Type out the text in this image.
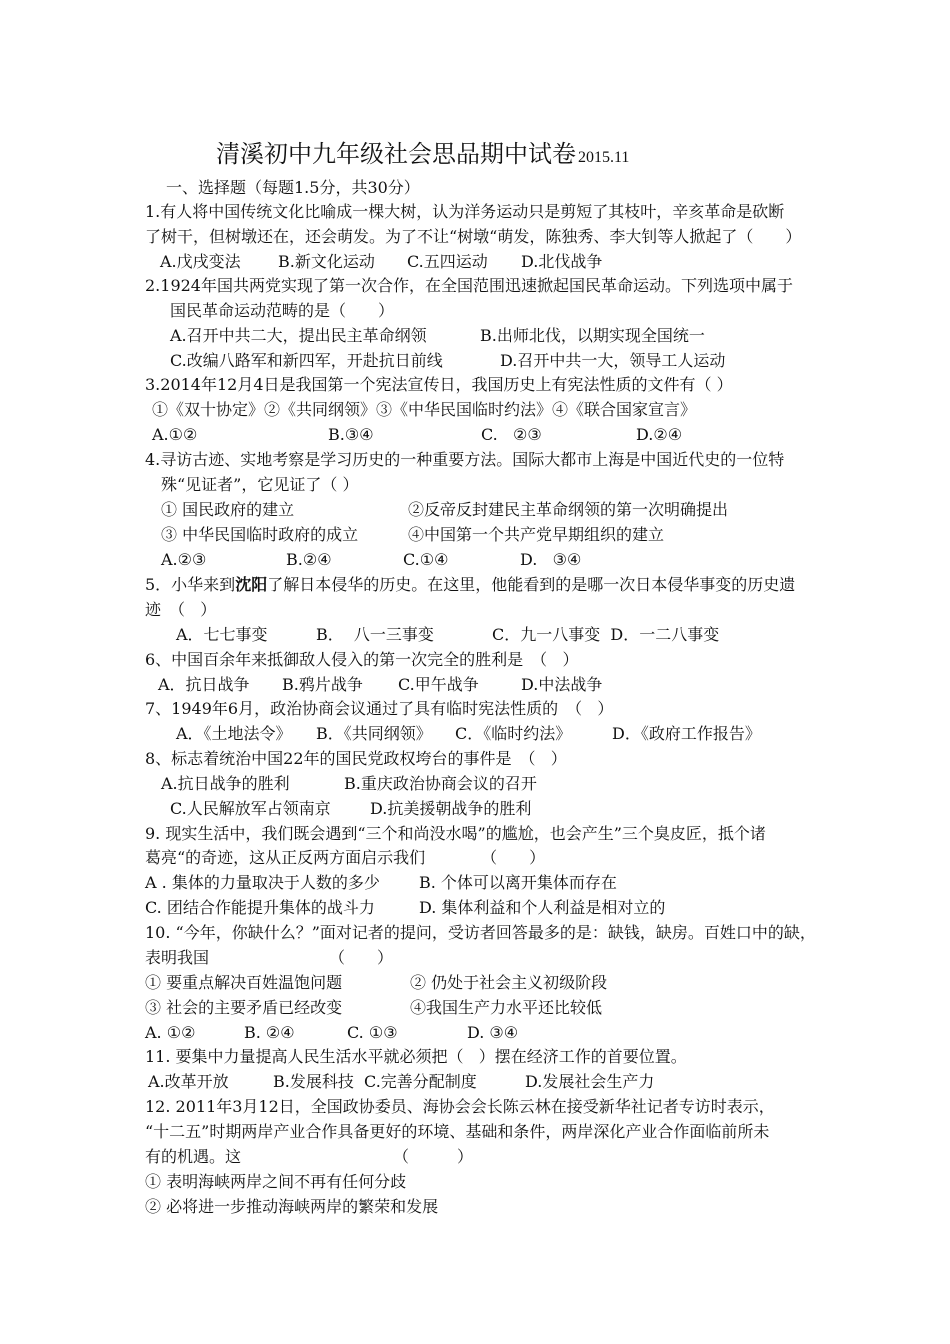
清溪初中九年级社会思品期中试卷 2015.11
一、选择题（每题1.5分，共30分）
1.有人将中国传统文化比喻成一棵大树，认为洋务运动只是剪短了其枝叶，辛亥革命是砍断
了树干，但树墩还在，还会萌发。为了不让“树墩“萌发，陈独秀、李大钊等人掀起了（　　）
A.戊戌变法 B.新文化运动 C.五四运动 D.北伐战争
2.1924年国共两党实现了第一次合作，在全国范围迅速掀起国民革命运动。下列选项中属于
国民革命运动范畴的是（　　）
A.召开中共二大，提出民主革命纲领	B.出师北伐，以期实现全国统一
C.改编八路军和新四军，开赴抗日前线	D.召开中共一大，领导工人运动
3.2014年12月4日是我国第一个宪法宣传日，我国历史上有宪法性质的文件有（ ）
①《双十协定》②《共同纲领》③《中华民国临时约法》④《联合国家宣言》
A.①②	B.③④	C.   ②③	D.②④
4.寻访古迹、实地考察是学习历史的一种重要方法。国际大都市上海是中国近代史的一位特
殊“见证者”，它见证了（ ）
① 国民政府的建立	②反帝反封建民主革命纲领的第一次明确提出
③ 中华民国临时政府的成立	④中国第一个共产党早期组织的建立
A.②③	B.②④	C.①④	D.   ③④
5．小华来到沈阳了解日本侵华的历史。在这里，他能看到的是哪一次日本侵华事变的历史遗
迹　（   ）
A．七七事变	B．  八一三事变	C．九一八事变  D．一二八事变
6、中国百余年来抵御敌人侵入的第一次完全的胜利是　（   ）
A．抗日战争 B.鸦片战争 C.甲午战争	D.中法战争
7、1949年6月，政治协商会议通过了具有临时宪法性质的　（   ）
A．《土地法令》 B．《共同纲领》 C．《临时约法》	D．《政府工作报告》
8、标志着统治中国22年的国民党政权垮台的事件是　（   ）
A.抗日战争的胜利	B.重庆政治协商会议的召开
C.人民解放军占领南京 D.抗美援朝战争的胜利
9. 现实生活中，我们既会遇到“三个和尚没水喝”的尴尬，也会产生”三个臭皮匠，抵个诸
葛亮“的奇迹，这从正反两方面启示我们　　　　（　　）
A . 集体的力量取决于人数的多少 B. 个体可以离开集体而存在
C. 团结合作能提升集体的战斗力	D. 集体利益和个人利益是相对立的
10. “今年，你缺什么？”面对记者的提问，受访者回答最多的是：缺钱，缺房。百姓口中的缺，
表明我国　　　　　　　　（　　）
① 要重点解决百姓温饱问题	② 仍处于社会主义初级阶段
③ 社会的主要矛盾已经改变	④我国生产力水平还比较低
A. ①②	B. ②④	C. ①③	D. ③④
11. 要集中力量提高人民生活水平就必须把（   ）摆在经济工作的首要位置。
A.改革开放	B.发展科技  C.完善分配制度	D.发展社会生产力
12. 2011年3月12日，全国政协委员、海协会会长陈云林在接受新华社记者专访时表示，
“十二五”时期两岸产业合作具备更好的环境、基础和条件，两岸深化产业合作面临前所未
有的机遇。这　　　　　　　　　　（　　　）
① 表明海峡两岸之间不再有任何分歧
② 必将进一步推动海峡两岸的繁荣和发展
